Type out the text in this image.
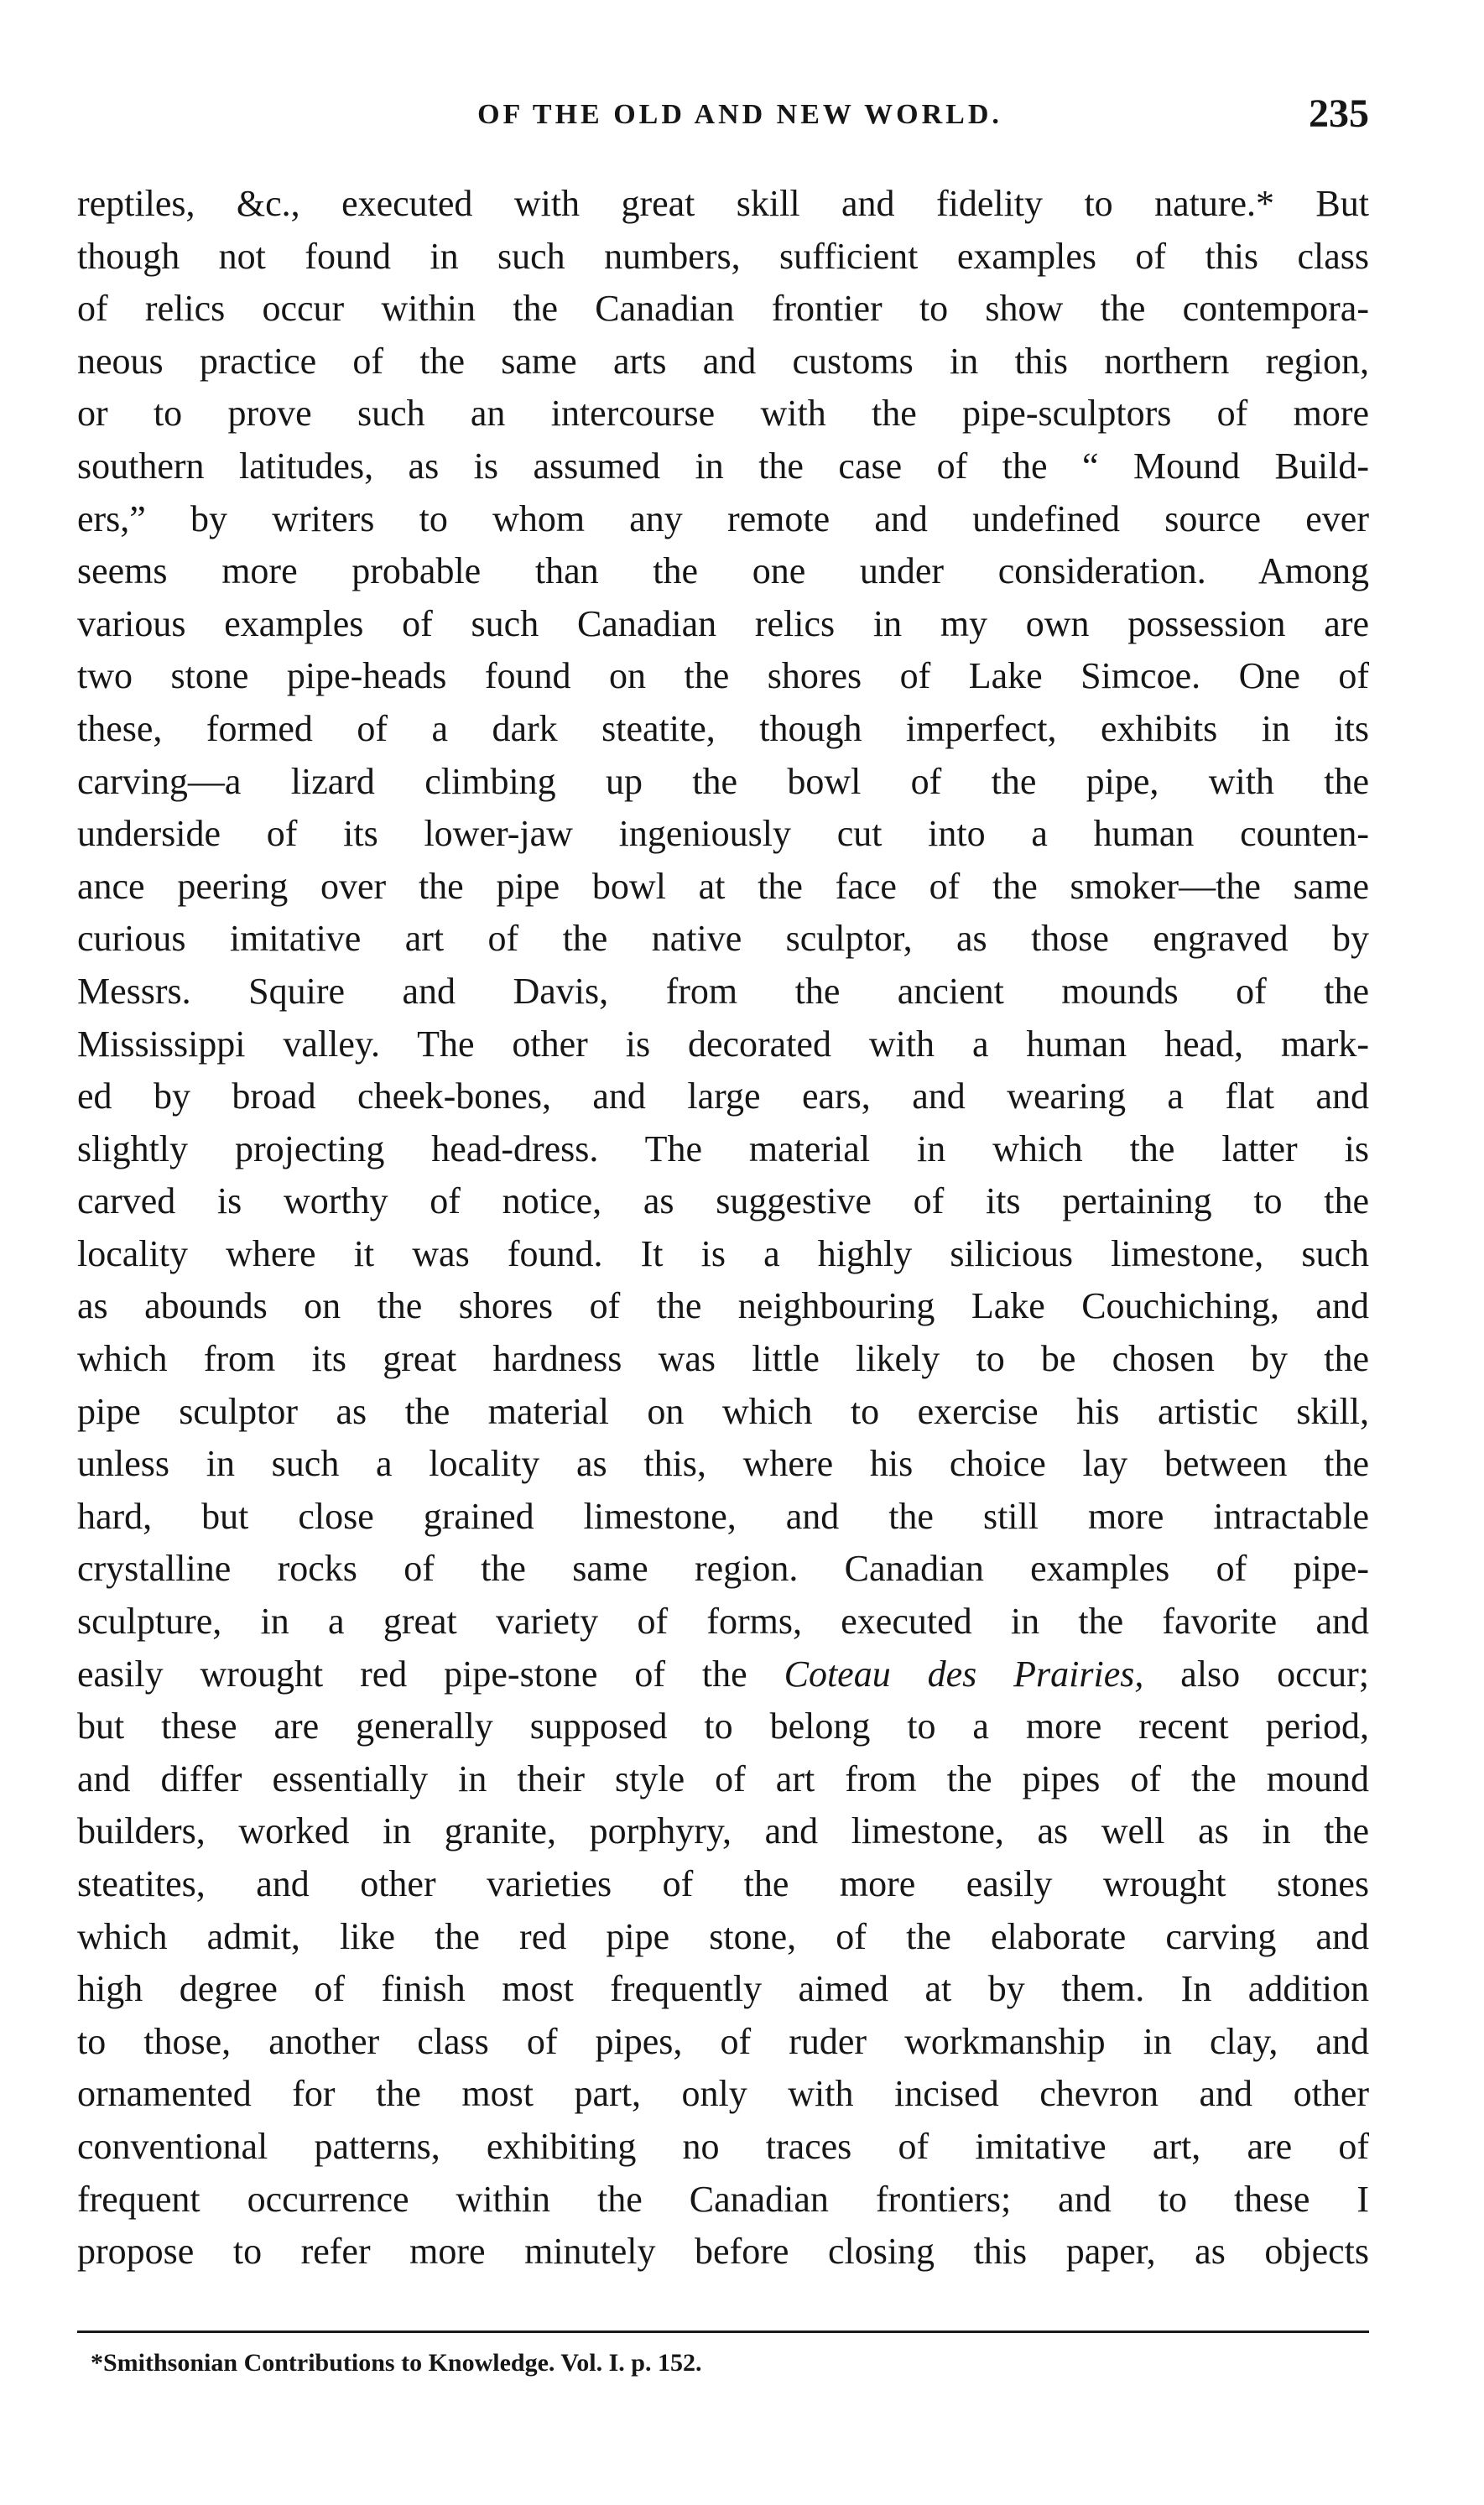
OF THE OLD AND NEW WORLD.	235
reptiles, &c., executed with great skill and fidelity to nature.* But
though not found in such numbers, sufficient examples of this class
of relics occur within the Canadian frontier to show the contempora-
neous practice of the same arts and customs in this northern region,
or to prove such an intercourse with the pipe-sculptors of more
southern latitudes, as is assumed in the case of the “ Mound Build-
ers,” by writers to whom any remote and undefined source ever
seems more probable than the one under consideration. Among
various examples of such Canadian relics in my own possession are
two stone pipe-heads found on the shores of Lake Simcoe. One of
these, formed of a dark steatite, though imperfect, exhibits in its
carving—a lizard climbing up the bowl of the pipe, with the
underside of its lower-jaw ingeniously cut into a human counten-
ance peering over the pipe bowl at the face of the smoker—the same
curious imitative art of the native sculptor, as those engraved by
Messrs. Squire and Davis, from the ancient mounds of the
Mississippi valley. The other is decorated with a human head, mark-
ed by broad cheek-bones, and large ears, and wearing a flat and
slightly projecting head-dress. The material in which the latter is
carved is worthy of notice, as suggestive of its pertaining to the
locality where it was found. It is a highly silicious limestone, such
as abounds on the shores of the neighbouring Lake Couchiching, and
which from its great hardness was little likely to be chosen by the
pipe sculptor as the material on which to exercise his artistic skill,
unless in such a locality as this, where his choice lay between the
hard, but close grained limestone, and the still more intractable
crystalline rocks of the same region. Canadian examples of pipe-
sculpture, in a great variety of forms, executed in the favorite and
easily wrought red pipe-stone of the Coteau des Prairies, also occur;
but these are generally supposed to belong to a more recent period,
and differ essentially in their style of art from the pipes of the mound
builders, worked in granite, porphyry, and limestone, as well as in the
steatites, and other varieties of the more easily wrought stones
which admit, like the red pipe stone, of the elaborate carving and
high degree of finish most frequently aimed at by them. In addition
to those, another class of pipes, of ruder workmanship in clay, and
ornamented for the most part, only with incised chevron and other
conventional patterns, exhibiting no traces of imitative art, are of
frequent occurrence within the Canadian frontiers; and to these I
propose to refer more minutely before closing this paper, as objects
*Smithsonian Contributions to Knowledge. Vol. I. p. 152.
